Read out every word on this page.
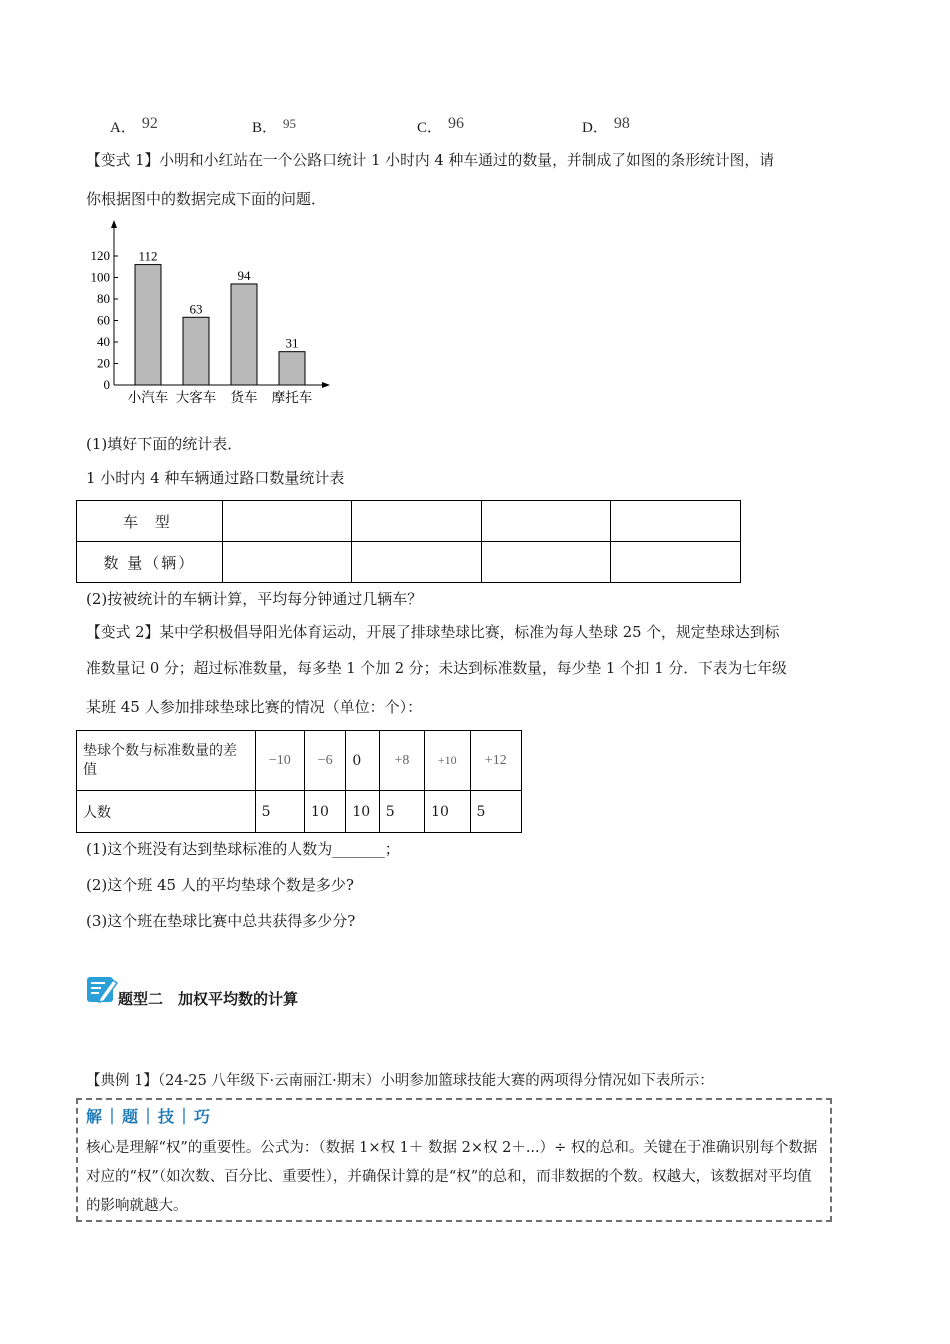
A． 92	B． 95	C． 96	D． 98
【变式 1】小明和小红站在一个公路口统计 1 小时内 4 种车通过的数量，并制成了如图的条形统计图，请
你根据图中的数据完成下面的问题．
0
20
40
60
80
100
120 112
小汽车
63
大客车
94
货车
31
摩托车
(1)填好下面的统计表．
1 小时内 4 种车辆通过路口数量统计表
车 型				
数 量（辆）				
(2)按被统计的车辆计算，平均每分钟通过几辆车？
【变式 2】某中学积极倡导阳光体育运动，开展了排球垫球比赛，标准为每人垫球 25 个，规定垫球达到标
准数量记 0 分；超过标准数量，每多垫 1 个加 2 分；未达到标准数量，每少垫 1 个扣 1 分．下表为七年级
某班 45 人参加排球垫球比赛的情况（单位：个）：
垫球个数与标准数量的差值	−10	−6	0	+8	+10	+12
人数	5	10	10	5	10	5
(1)这个班没有达到垫球标准的人数为_______；
(2)这个班 45 人的平均垫球个数是多少?
(3)这个班在垫球比赛中总共获得多少分?
题型二　加权平均数的计算
【典例 1】（24-25 八年级下·云南丽江·期末）小明参加篮球技能大赛的两项得分情况如下表所示：
解｜题｜技｜巧
核心是理解“权”的重要性。公式为：（数据 1×权 1＋ 数据 2×权 2＋...）÷ 权的总和。关键在于准确识别每个数据对应的“权”（如次数、百分比、重要性），并确保计算的是“权”的总和，而非数据的个数。权越大，该数据对平均值的影响就越大。
